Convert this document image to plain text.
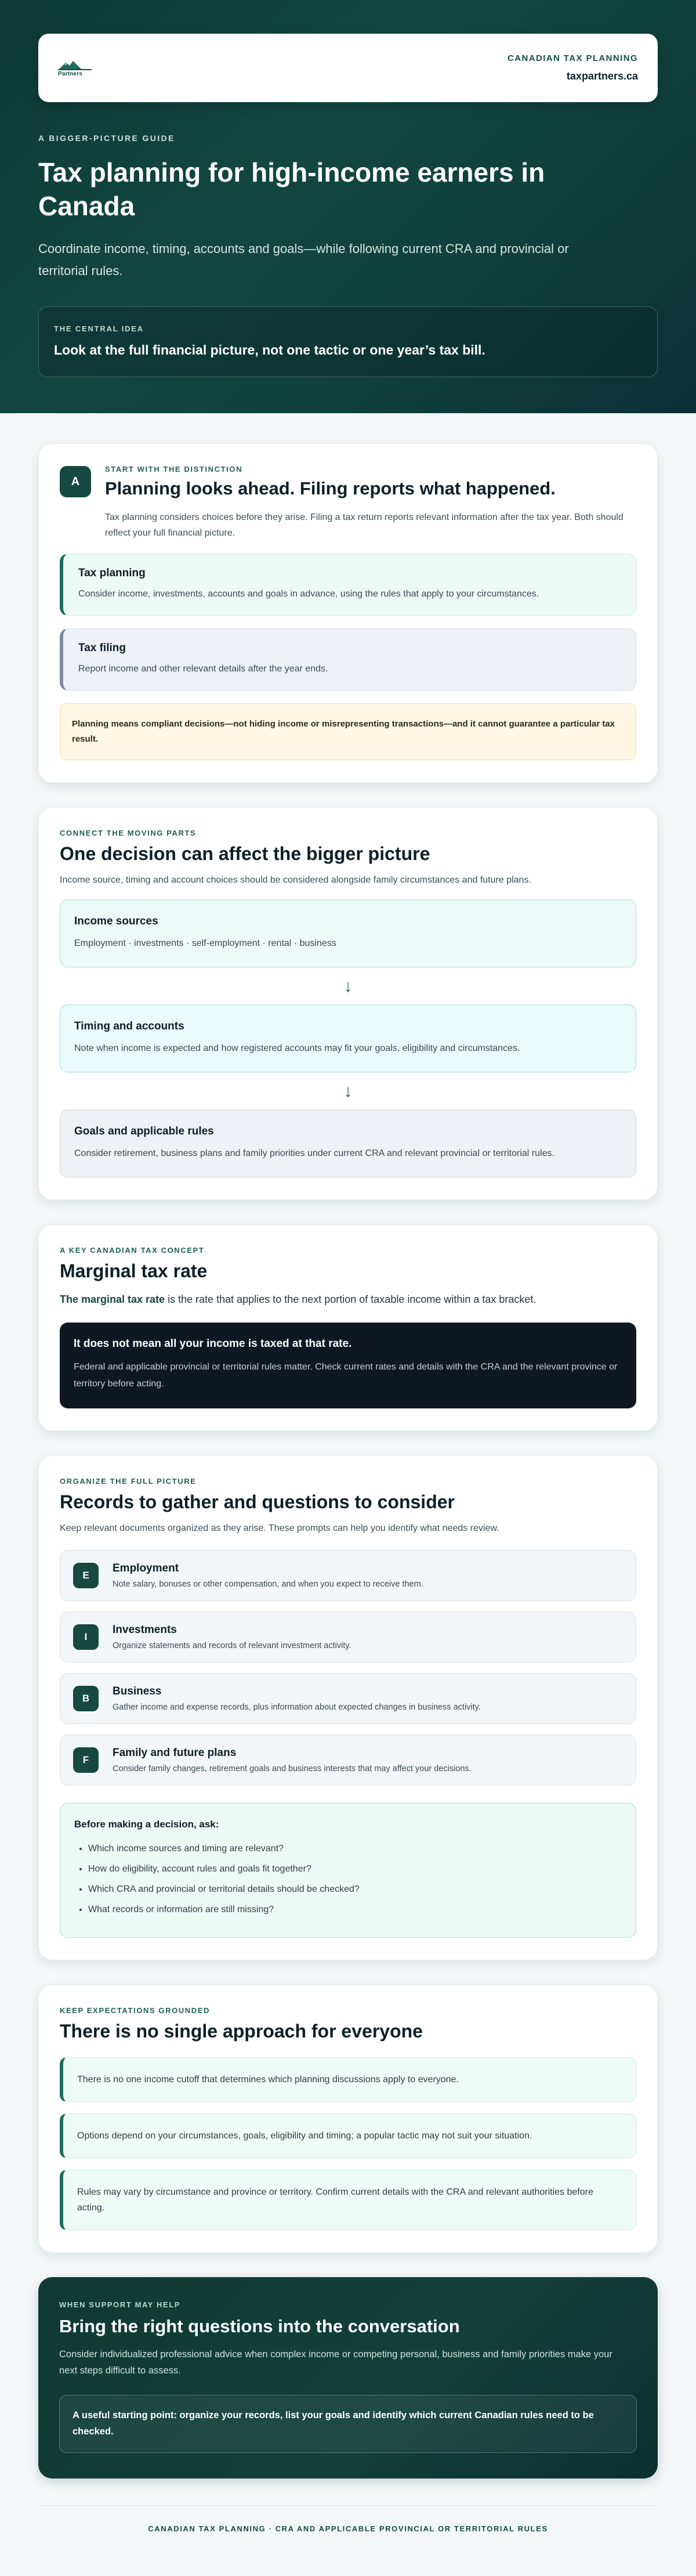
Partners
CANADIAN TAX PLANNING
taxpartners.ca
A BIGGER-PICTURE GUIDE
Tax planning for high-income earners in Canada

Coordinate income, timing, accounts and goals—while following current CRA and provincial or territorial rules.

THE CENTRAL IDEA
Look at the full financial picture, not one tactic or one year’s tax bill.
A
START WITH THE DISTINCTION
Planning looks ahead. Filing reports what happened.

Tax planning considers choices before they arise. Filing a tax return reports relevant information after the tax year. Both should reflect your full financial picture.

Tax planning
Consider income, investments, accounts and goals in advance, using the rules that apply to your circumstances.
Tax filing
Report income and other relevant details after the year ends.
Planning means compliant decisions—not hiding income or misrepresenting transactions—and it cannot guarantee a particular tax result.
CONNECT THE MOVING PARTS
One decision can affect the bigger picture

Income source, timing and account choices should be considered alongside family circumstances and future plans.

Income sources
Employment · investments · self-employment · rental · business
↓
Timing and accounts
Note when income is expected and how registered accounts may fit your goals, eligibility and circumstances.
↓
Goals and applicable rules
Consider retirement, business plans and family priorities under current CRA and relevant provincial or territorial rules.
A KEY CANADIAN TAX CONCEPT
Marginal tax rate

The marginal tax rate is the rate that applies to the next portion of taxable income within a tax bracket.

It does not mean all your income is taxed at that rate.
Federal and applicable provincial or territorial rules matter. Check current rates and details with the CRA and the relevant province or territory before acting.
ORGANIZE THE FULL PICTURE
Records to gather and questions to consider

Keep relevant documents organized as they arise. These prompts can help you identify what needs review.

E
Employment
Note salary, bonuses or other compensation, and when you expect to receive them.
I
Investments
Organize statements and records of relevant investment activity.
B
Business
Gather income and expense records, plus information about expected changes in business activity.
F
Family and future plans
Consider family changes, retirement goals and business interests that may affect your decisions.
Before making a decision, ask:
• Which income sources and timing are relevant?
• How do eligibility, account rules and goals fit together?
• Which CRA and provincial or territorial details should be checked?
• What records or information are still missing?
KEEP EXPECTATIONS GROUNDED
There is no single approach for everyone
There is no one income cutoff that determines which planning discussions apply to everyone.
Options depend on your circumstances, goals, eligibility and timing; a popular tactic may not suit your situation.
Rules may vary by circumstance and province or territory. Confirm current details with the CRA and relevant authorities before acting.
WHEN SUPPORT MAY HELP
Bring the right questions into the conversation

Consider individualized professional advice when complex income or competing personal, business and family priorities make your next steps difficult to assess.

A useful starting point: organize your records, list your goals and identify which current Canadian rules need to be checked.
CANADIAN TAX PLANNING · CRA AND APPLICABLE PROVINCIAL OR TERRITORIAL RULES
